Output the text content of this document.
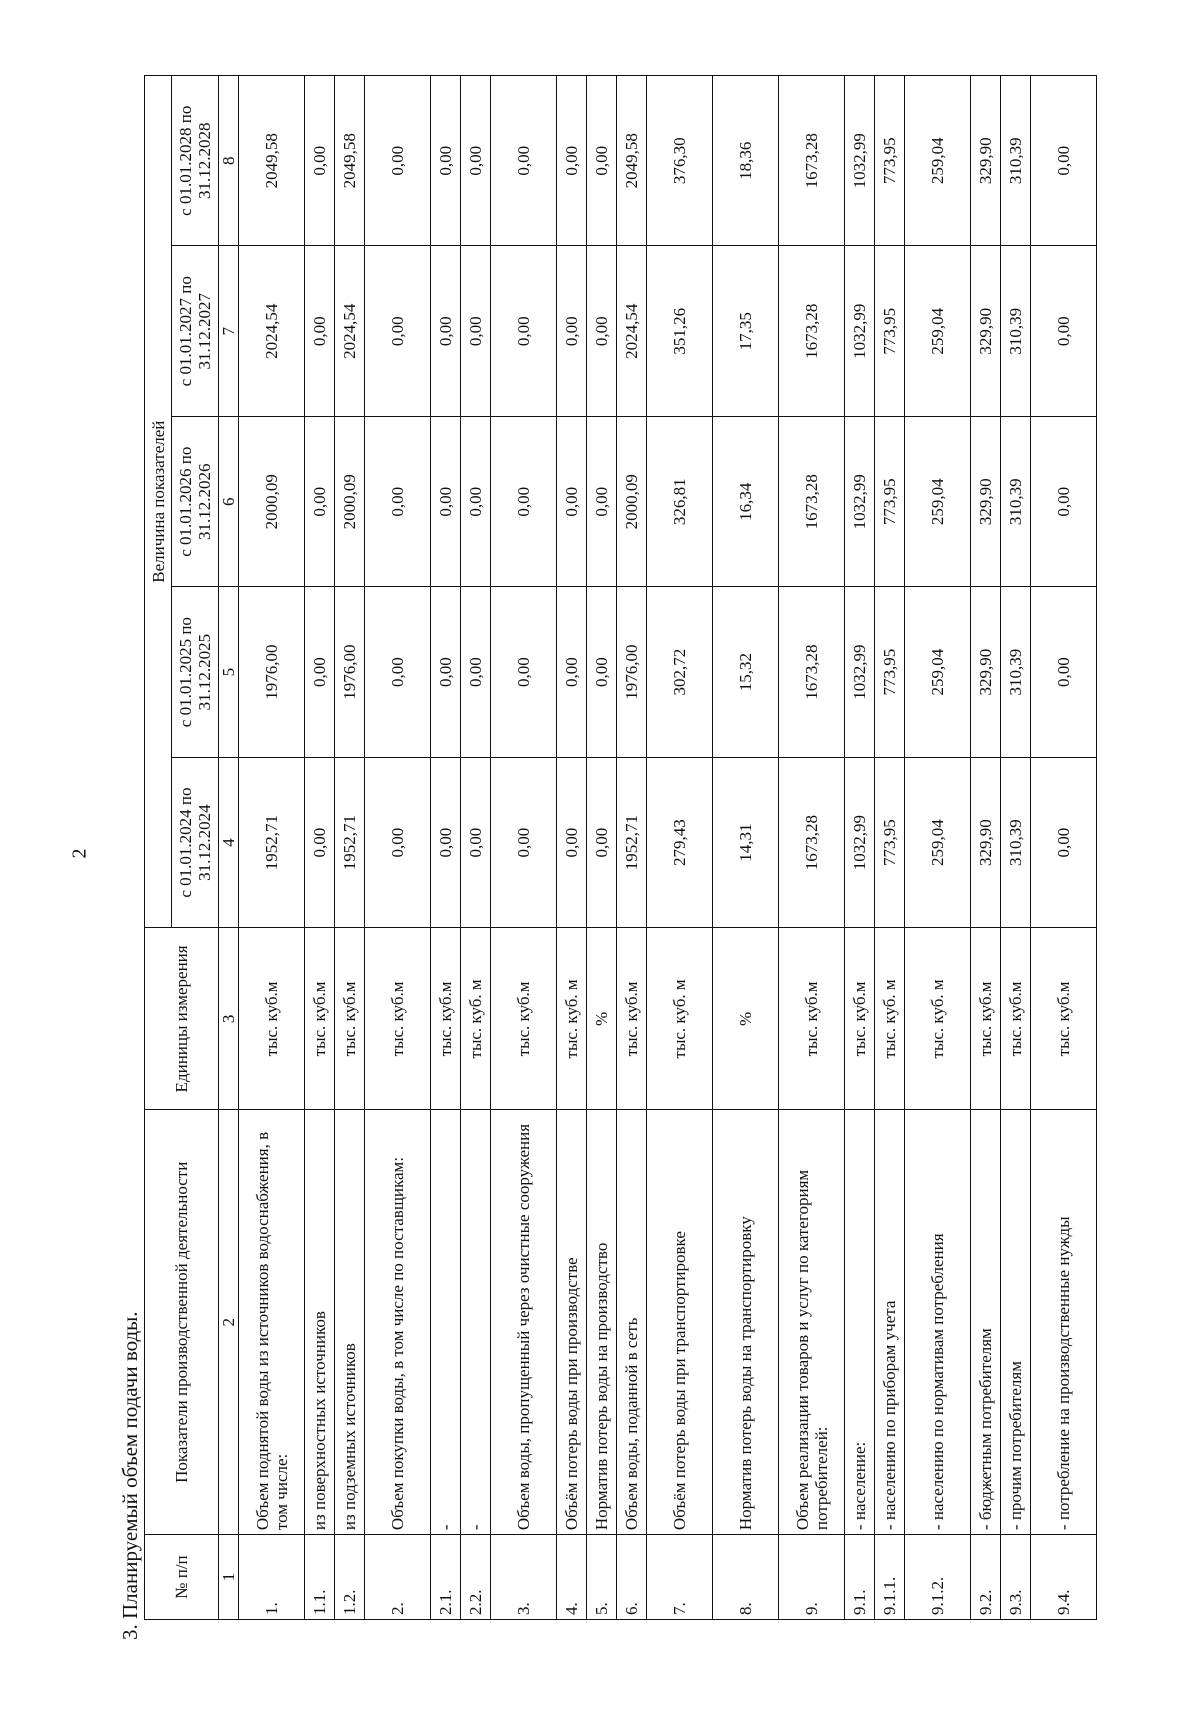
2
3. Планируемый объем подачи воды. № п/п	Показатели производственной деятельности	Единицы измерения	Величина показателей				
			с 01.01.2024 по 31.12.2024	с 01.01.2025 по 31.12.2025	с 01.01.2026 по 31.12.2026	с 01.01.2027 по 31.12.2027	с 01.01.2028 по 31.12.2028
1	2	3	4	5	6	7	8
1.	Объем поднятой воды из источников водоснабжения, в том числе:	тыс. куб.м	1952,71	1976,00	2000,09	2024,54	2049,58
1.1.	из поверхностных источников	тыс. куб.м	0,00	0,00	0,00	0,00	0,00
1.2.	из подземных источников	тыс. куб.м	1952,71	1976,00	2000,09	2024,54	2049,58
2.	Объем покупки воды, в том числе по поставщикам:	тыс. куб.м	0,00	0,00	0,00	0,00	0,00
2.1.	-	тыс. куб.м	0,00	0,00	0,00	0,00	0,00
2.2.	-	тыс. куб. м	0,00	0,00	0,00	0,00	0,00
3.	Объем воды, пропущенный через очистные сооружения	тыс. куб.м	0,00	0,00	0,00	0,00	0,00
4.	Объём потерь воды при производстве	тыс. куб. м	0,00	0,00	0,00	0,00	0,00
5.	Норматив потерь воды на производство	%	0,00	0,00	0,00	0,00	0,00
6.	Объем воды, поданной в сеть	тыс. куб.м	1952,71	1976,00	2000,09	2024,54	2049,58
7.	Объём потерь воды при транспортировке	тыс. куб. м	279,43	302,72	326,81	351,26	376,30
8.	Норматив потерь воды на транспортировку	%	14,31	15,32	16,34	17,35	18,36
9.	Объем реализации товаров и услуг по категориям потребителей:	тыс. куб.м	1673,28	1673,28	1673,28	1673,28	1673,28
9.1.	- население:	тыс. куб.м	1032,99	1032,99	1032,99	1032,99	1032,99
9.1.1.	- населению по приборам учета	тыс. куб. м	773,95	773,95	773,95	773,95	773,95
9.1.2.	- населению по нормативам потребления	тыс. куб. м	259,04	259,04	259,04	259,04	259,04
9.2.	- бюджетным потребителям	тыс. куб.м	329,90	329,90	329,90	329,90	329,90
9.3.	- прочим потребителям	тыс. куб.м	310,39	310,39	310,39	310,39	310,39
9.4.	- потребление на производственные нужды	тыс. куб.м	0,00	0,00	0,00	0,00	0,00
